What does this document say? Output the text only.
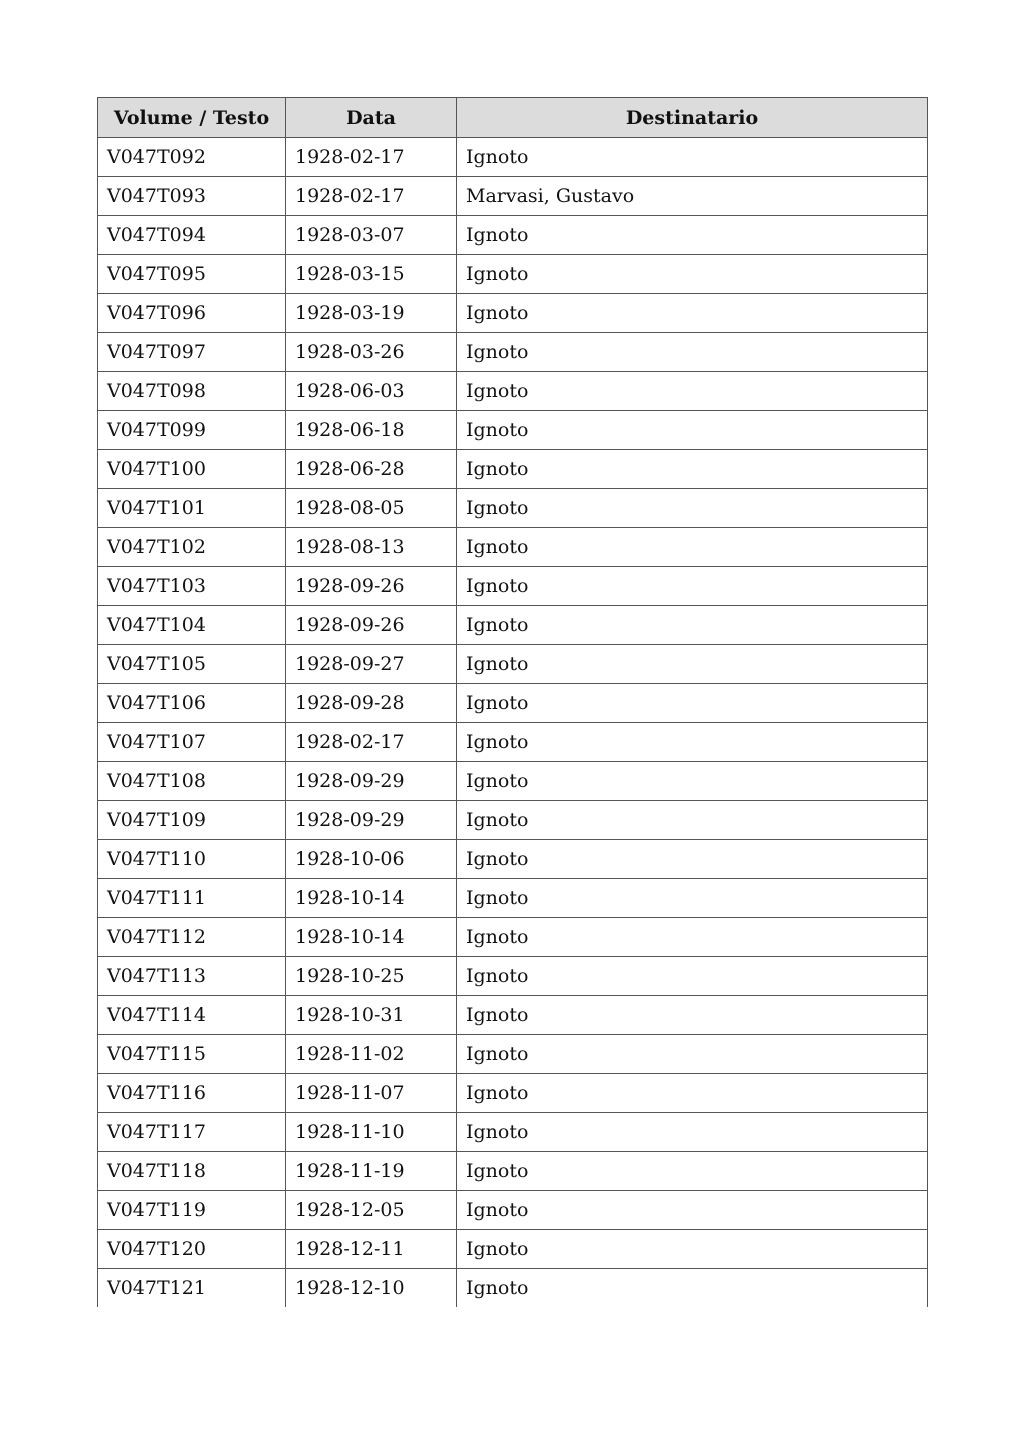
Volume / Testo	Data	Destinatario
V047T092	1928-02-17	Ignoto
V047T093	1928-02-17	Marvasi, Gustavo
V047T094	1928-03-07	Ignoto
V047T095	1928-03-15	Ignoto
V047T096	1928-03-19	Ignoto
V047T097	1928-03-26	Ignoto
V047T098	1928-06-03	Ignoto
V047T099	1928-06-18	Ignoto
V047T100	1928-06-28	Ignoto
V047T101	1928-08-05	Ignoto
V047T102	1928-08-13	Ignoto
V047T103	1928-09-26	Ignoto
V047T104	1928-09-26	Ignoto
V047T105	1928-09-27	Ignoto
V047T106	1928-09-28	Ignoto
V047T107	1928-02-17	Ignoto
V047T108	1928-09-29	Ignoto
V047T109	1928-09-29	Ignoto
V047T110	1928-10-06	Ignoto
V047T111	1928-10-14	Ignoto
V047T112	1928-10-14	Ignoto
V047T113	1928-10-25	Ignoto
V047T114	1928-10-31	Ignoto
V047T115	1928-11-02	Ignoto
V047T116	1928-11-07	Ignoto
V047T117	1928-11-10	Ignoto
V047T118	1928-11-19	Ignoto
V047T119	1928-12-05	Ignoto
V047T120	1928-12-11	Ignoto
V047T121	1928-12-10	Ignoto
